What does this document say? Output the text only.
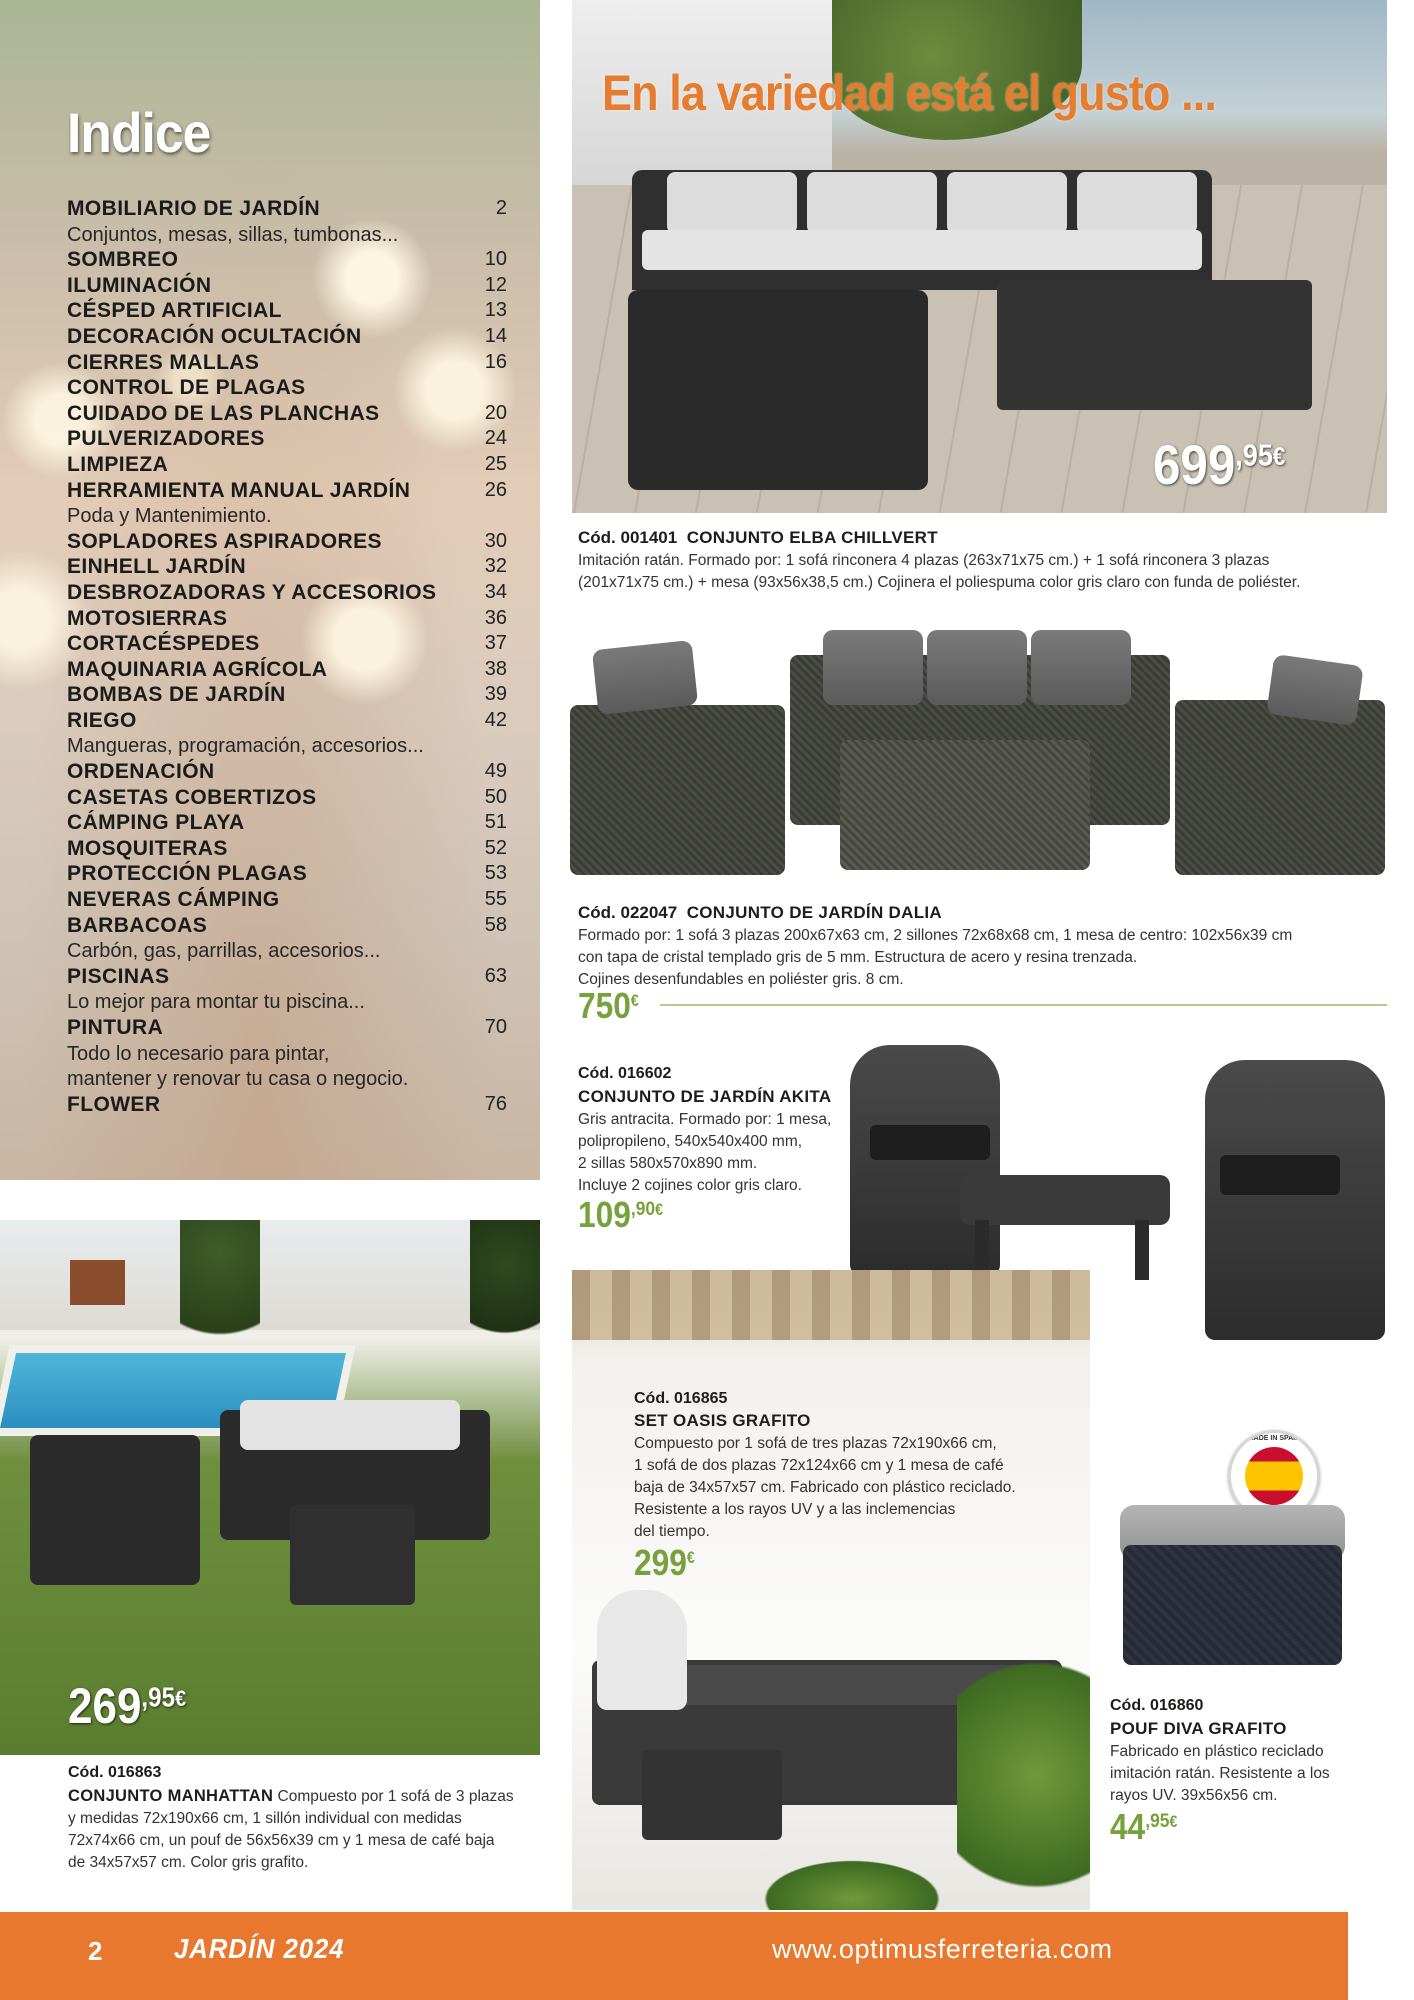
Indice
MOBILIARIO DE JARDÍN	2
Conjuntos, mesas, sillas, tumbonas...
SOMBREO	10
ILUMINACIÓN	12
CÉSPED ARTIFICIAL	13
DECORACIÓN OCULTACIÓN	14
CIERRES MALLAS	16
CONTROL DE PLAGAS
CUIDADO DE LAS PLANCHAS	20
PULVERIZADORES	24
LIMPIEZA	25
HERRAMIENTA MANUAL JARDÍN	26
Poda y Mantenimiento.
SOPLADORES ASPIRADORES	30
EINHELL JARDÍN	32
DESBROZADORAS Y ACCESORIOS 34
MOTOSIERRAS	36
CORTACÉSPEDES	37
MAQUINARIA AGRÍCOLA	38
BOMBAS DE JARDÍN	39
RIEGO	42
Mangueras, programación, accesorios...
ORDENACIÓN	49
CASETAS COBERTIZOS	50
CÁMPING PLAYA	51
MOSQUITERAS	52
PROTECCIÓN PLAGAS	53
NEVERAS CÁMPING	55
BARBACOAS	58
Carbón, gas, parrillas, accesorios...
PISCINAS	63
Lo mejor para montar tu piscina...
PINTURA	70
Todo lo necesario para pintar,
mantener y renovar tu casa o negocio.
FLOWER	76
En la variedad está el gusto ...
$699^{,95€}$
Cód. 001401 CONJUNTO ELBA CHILLVERT
Imitación ratán. Formado por: 1 sofá rinconera 4 plazas (263x71x75 cm.) + 1 sofá rinconera 3 plazas
(201x71x75 cm.) + mesa (93x56x38,5 cm.) Cojinera el poliespuma color gris claro con funda de poliéster.
Cód. 022047 CONJUNTO DE JARDÍN DALIA
Formado por: 1 sofá 3 plazas 200x67x63 cm, 2 sillones 72x68x68 cm, 1 mesa de centro: 102x56x39 cm
con tapa de cristal templado gris de 5 mm. Estructura de acero y resina trenzada.
Cojines desenfundables en poliéster gris. 8 cm.
750€
Cód. 016602
CONJUNTO DE JARDÍN AKITA
Gris antracita. Formado por: 1 mesa,
polipropileno, 540x540x400 mm,
2 sillas 580x570x890 mm.
Incluye 2 cojines color gris claro.
$109^{,90€}$
Cód. 016865
SET OASIS GRAFITO
Compuesto por 1 sofá de tres plazas 72x190x66 cm,
1 sofá de dos plazas 72x124x66 cm y 1 mesa de café
baja de 34x57x57 cm. Fabricado con plástico reciclado.
Resistente a los rayos UV y a las inclemencias
del tiempo.
299€
MADE IN SPAIN
Cód. 016860
POUF DIVA GRAFITO
Fabricado en plástico reciclado
imitación ratán. Resistente a los
rayos UV. 39x56x56 cm.
$44^{,95€}$
$269^{,95€}$
Cód. 016863
CONJUNTO MANHATTAN Compuesto por 1 sofá de 3 plazas
y medidas 72x190x66 cm, 1 sillón individual con medidas
72x74x66 cm, un pouf de 56x56x39 cm y 1 mesa de café baja
de 34x57x57 cm. Color gris grafito.
2	JARDÍN 2024	www.optimusferreteria.com
